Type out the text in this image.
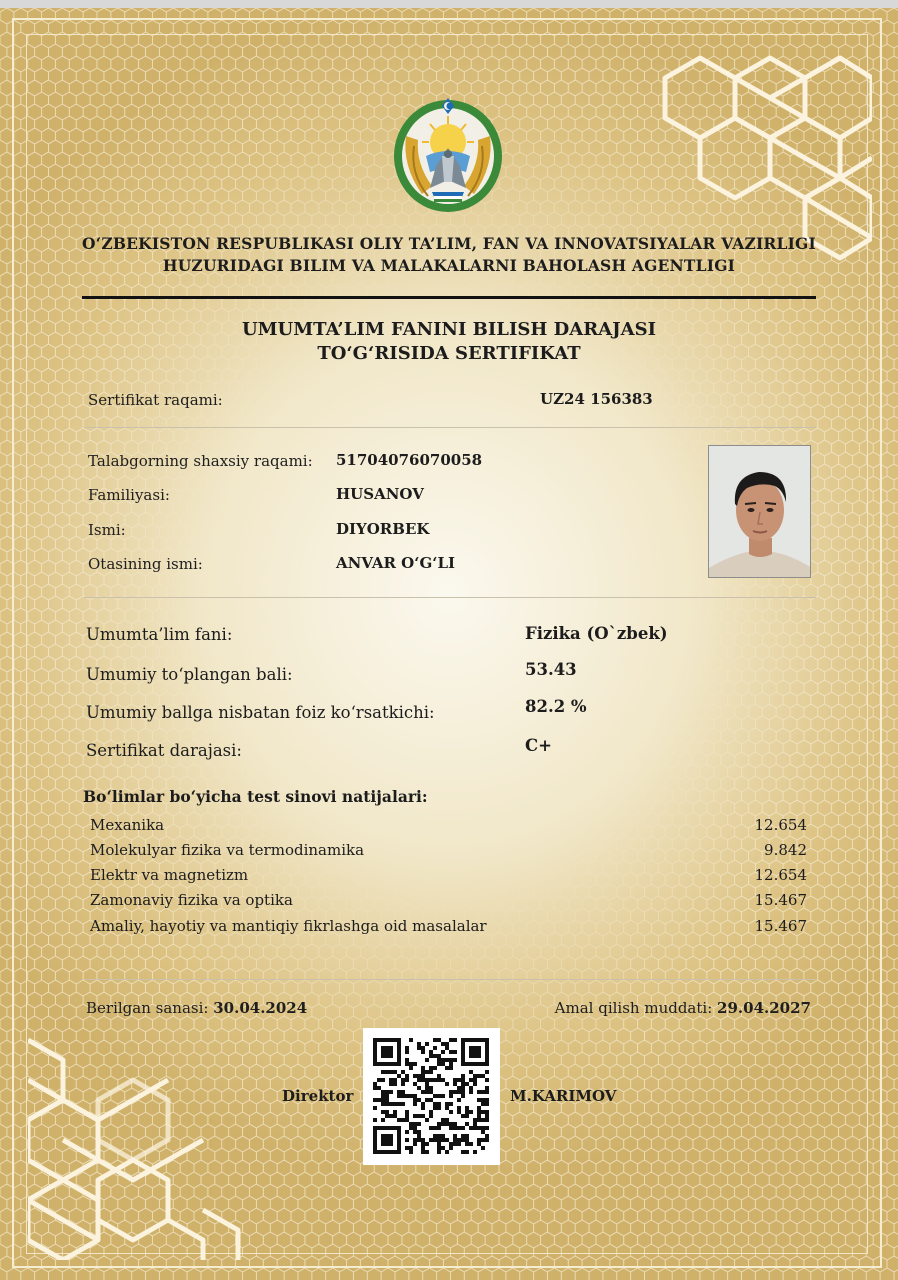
O‘ZBEKISTON RESPUBLIKASI OLIY TA’LIM, FAN VA INNOVATSIYALAR VAZIRLIGI
HUZURIDAGI BILIM VA MALAKALARNI BAHOLASH AGENTLIGI
UMUMTA’LIM FANINI BILISH DARAJASI
TO‘G‘RISIDA SERTIFIKAT
Sertifikat raqami:	UZ24 156383
Talabgorning shaxsiy raqami: 51704076070058
Familiyasi:	HUSANOV
Ismi:	DIYORBEK
Otasining ismi:	ANVAR O‘G‘LI
Umumta’lim fani:	Fizika (O`zbek)
Umumiy to‘plangan bali:	53.43
Umumiy ballga nisbatan foiz ko‘rsatkichi:	82.2 %
Sertifikat darajasi:	C+
Bo‘limlar bo‘yicha test sinovi natijalari:
Mexanika	12.654
Molekulyar fizika va termodinamika	9.842
Elektr va magnetizm	12.654
Zamonaviy fizika va optika	15.467
Amaliy, hayotiy va mantiqiy fikrlashga oid masalalar	15.467
Berilgan sanasi: 30.04.2024	Amal qilish muddati: 29.04.2027
Direktor	M.KARIMOV
